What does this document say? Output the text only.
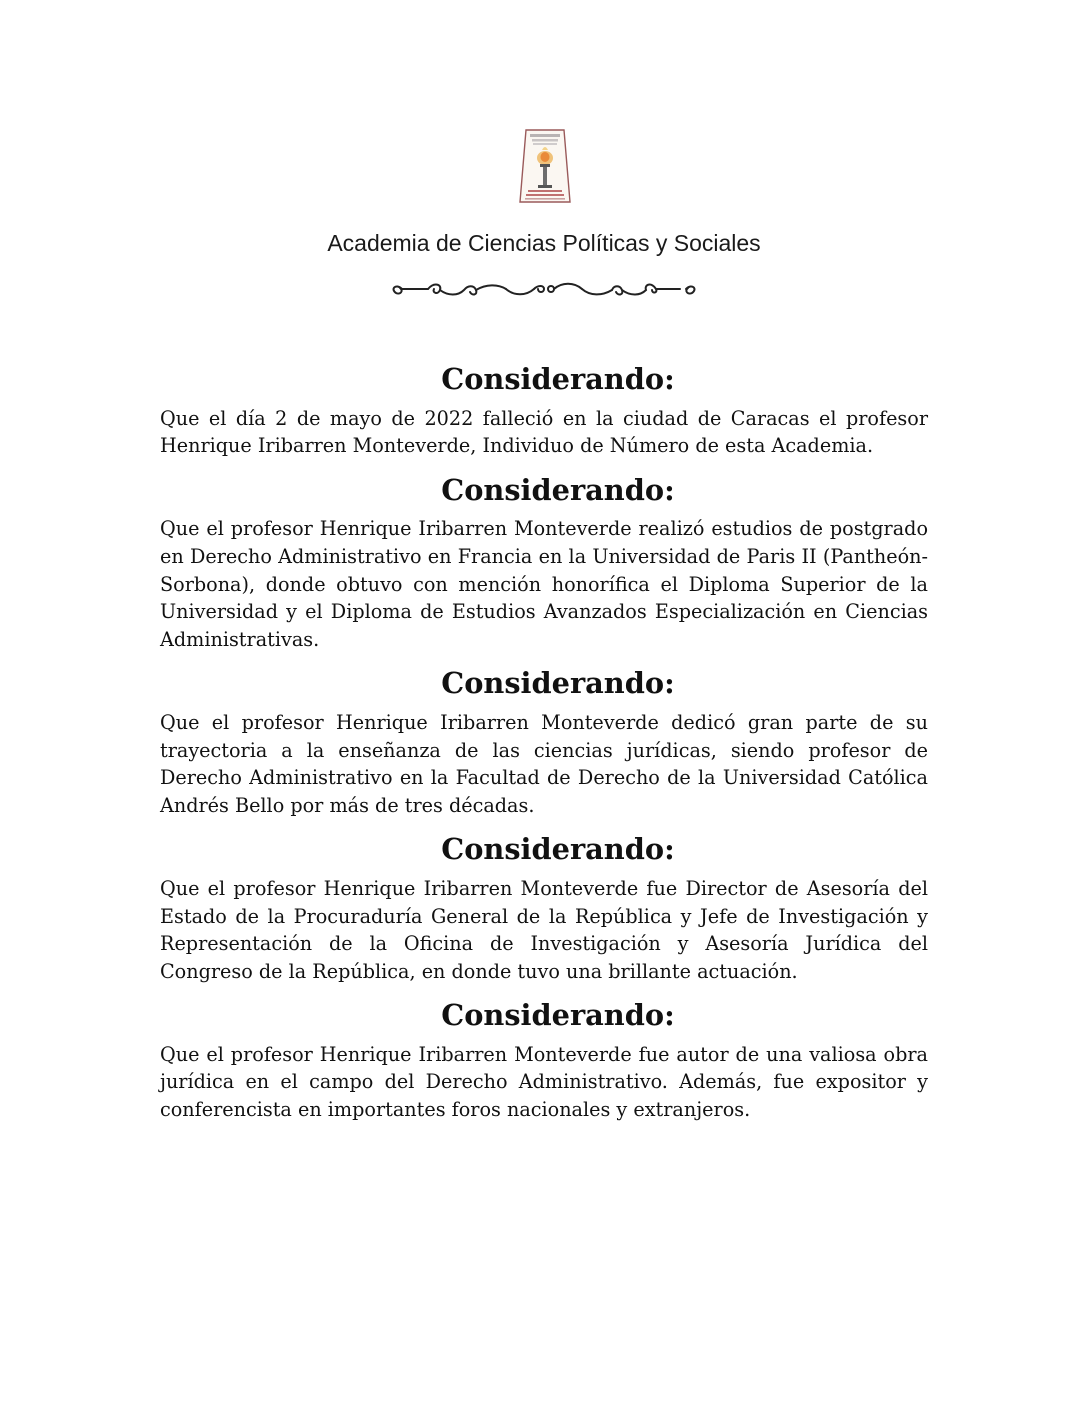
Academia de Ciencias Políticas y Sociales
Considerando:

Que el día 2 de mayo de 2022 falleció en la ciudad de Caracas el profesor Henrique Iribarren Monteverde, Individuo de Número de esta Academia.

Considerando:

Que el profesor Henrique Iribarren Monteverde realizó estudios de postgrado en Derecho Administrativo en Francia en la Universidad de Paris II (Pantheón-Sorbona), donde obtuvo con mención honorífica el Diploma Superior de la Universidad y el Diploma de Estudios Avanzados Especialización en Ciencias Administrativas.

Considerando:

Que el profesor Henrique Iribarren Monteverde dedicó gran parte de su trayectoria a la enseñanza de las ciencias jurídicas, siendo profesor de Derecho Administrativo en la Facultad de Derecho de la Universidad Católica Andrés Bello por más de tres décadas.

Considerando:

Que el profesor Henrique Iribarren Monteverde fue Director de Asesoría del Estado de la Procuraduría General de la República y Jefe de Investigación y Representación de la Oficina de Investigación y Asesoría Jurídica del Congreso de la República, en donde tuvo una brillante actuación.

Considerando:

Que el profesor Henrique Iribarren Monteverde fue autor de una valiosa obra jurídica en el campo del Derecho Administrativo. Además, fue expositor y conferencista en importantes foros nacionales y extranjeros.
